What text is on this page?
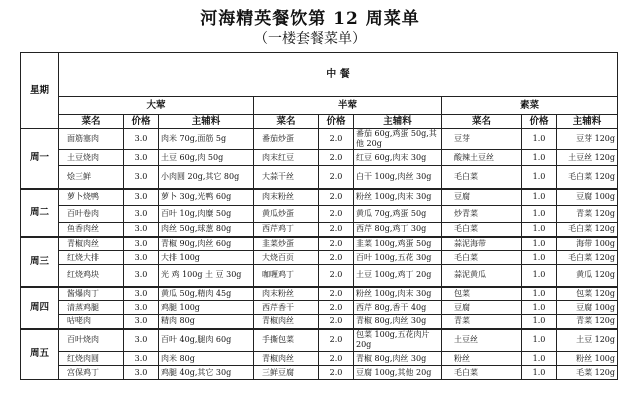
河海精英餐饮第 12 周菜单
（一楼套餐菜单）
星期	中 餐								
	大荤			半荤			素菜		
	菜名	价格	主辅料	菜名	价格	主辅料	菜名	价格	主辅料
周一	面筋塞肉	3.0	肉米 70g,面筋 5g	番茄炒蛋	2.0	番茄 60g,鸡蛋 50g,其他 20g	豆芽	1.0	豆芽 120g
	土豆烧肉	3.0	土豆 60g,肉 50g	肉末红豆	2.0	红豆 60g,肉末 30g	酸辣土豆丝	1.0	土豆丝 120g
	烩三鲜	3.0	小肉圆 20g,其它 80g	大蒜干丝	2.0	白干 100g,肉丝 30g	毛白菜	1.0	毛白菜 120g
周二	萝卜烧鸭	3.0	萝卜 30g,光鸭 60g	肉末粉丝	2.0	粉丝 100g,肉末 30g	豆腐	1.0	豆腐 100g
	百叶卷肉	3.0	百叶 10g,肉糜 50g	黄瓜炒蛋	2.0	黄瓜 70g,鸡蛋 50g	炒青菜	1.0	青菜 120g
	鱼香肉丝	3.0	肉丝 50g,球葱 80g	西芹鸡丁	2.0	西芹 80g,鸡丁 30g	毛白菜	1.0	毛白菜 120g
周三	青椒肉丝	3.0	青椒 90g,肉丝 60g	韭菜炒蛋	2.0	韭菜 100g,鸡蛋 50g	蒜泥海带	1.0	海带 100g
	红烧大排	3.0	大排 100g	大烧百页	2.0	百叶 100g,五花 30g	毛白菜	1.0	毛白菜 120g
	红烧鸡块	3.0	光 鸡 100g 土 豆 30g	咖喱鸡丁	2.0	土豆 100g,鸡丁 20g	蒜泥黄瓜	1.0	黄瓜 120g
周四	酱爆肉丁	3.0	黄瓜 50g,精肉 45g	肉末粉丝	2.0	粉丝 100g,肉末 30g	包菜	1.0	包菜 120g
	清蒸鸡腿	3.0	鸡腿 100g	西芹香干	2.0	西芹 80g,香干 40g	豆腐	1.0	豆腐 100g
	咕咾肉	3.0	精肉 80g	青椒肉丝	2.0	青椒 80g,肉丝 30g	青菜	1.0	青菜 120g
周五	百叶烧肉	3.0	百叶 40g,腿肉 60g	手撕包菜	2.0	包菜 100g,五花肉片 20g	土豆丝	1.0	土豆 120g
	红烧肉圆	3.0	肉米 80g	青椒肉丝	2.0	青椒 80g,肉丝 30g	粉丝	1.0	粉丝 100g
	宫保鸡丁	3.0	鸡腿 40g,其它 30g	三鲜豆腐	2.0	豆腐 100g,其他 20g	毛白菜	1.0	毛菜 120g
